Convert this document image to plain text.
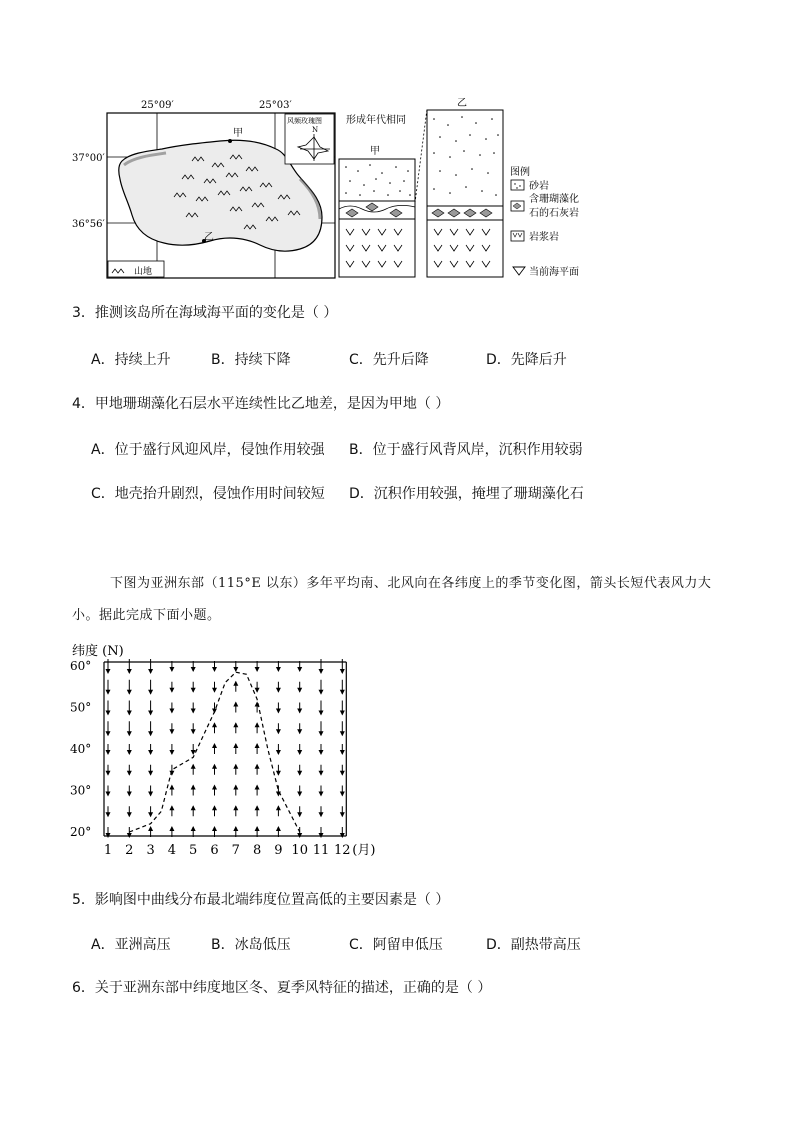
甲
乙
25°09′	25°03′
37°00′
36°56′
风频玫瑰图
N
山地
甲
乙
形成年代相同
图例
砂岩
含珊瑚藻化
石的石灰岩
岩浆岩
当前海平面
3．推测该岛所在海域海平面的变化是（ ）
A．持续上升	B．持续下降	C．先升后降	D．先降后升
4．甲地珊瑚藻化石层水平连续性比乙地差，是因为甲地（ ）
A．位于盛行风迎风岸，侵蚀作用较强 B．位于盛行风背风岸，沉积作用较弱
C．地壳抬升剧烈，侵蚀作用时间较短 D．沉积作用较强，掩埋了珊瑚藻化石
下图为亚洲东部（115°E 以东）多年平均南、北风向在各纬度上的季节变化图，箭头长短代表风力大
小。据此完成下面小题。
纬度 (N)
60°
50°
40°
30°
20°
1 2 3 4 5 6 7 8 9 10 11 12 (月)
5．影响图中曲线分布最北端纬度位置高低的主要因素是（ ）
A．亚洲高压	B．冰岛低压	C．阿留申低压	D．副热带高压
6．关于亚洲东部中纬度地区冬、夏季风特征的描述，正确的是（ ）
